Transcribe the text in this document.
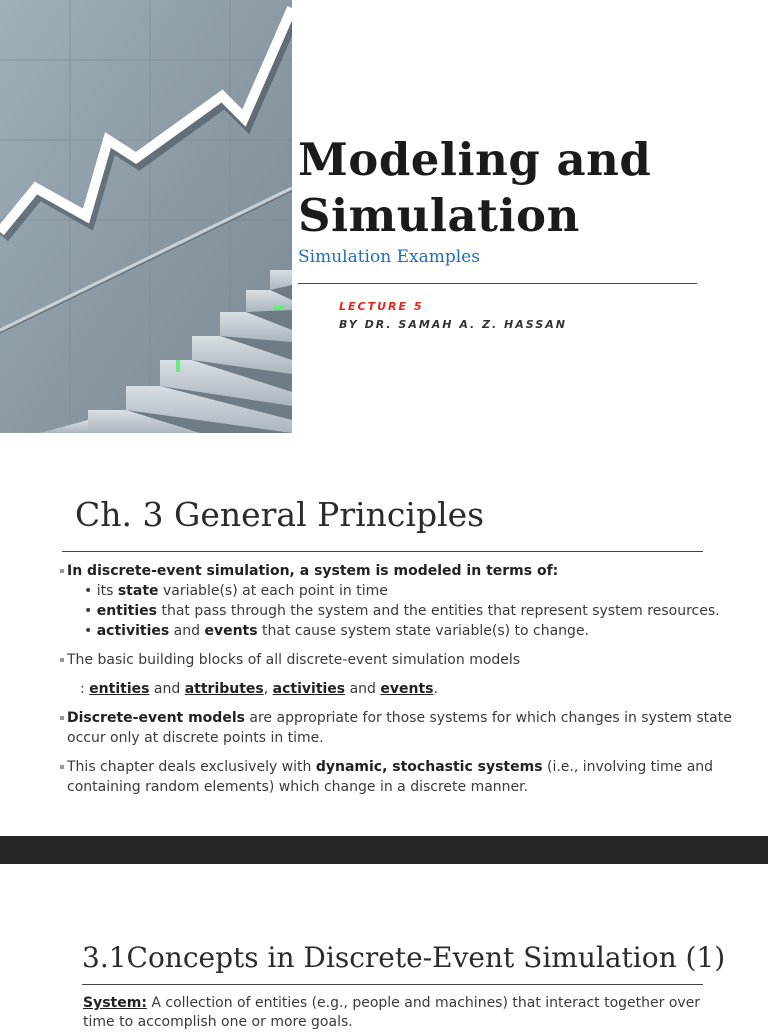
Modeling and
Simulation
Simulation Examples
LECTURE 5
BY DR. SAMAH A. Z. HASSAN
Ch. 3 General Principles
In discrete-event simulation, a system is modeled in terms of:
• its state variable(s) at each point in time
• entities that pass through the system and the entities that represent system resources.
• activities and events that cause system state variable(s) to change.
The basic building blocks of all discrete-event simulation models
: entities and attributes, activities and events.
Discrete-event models are appropriate for those systems for which changes in system state occur only at discrete points in time.
This chapter deals exclusively with dynamic, stochastic systems (i.e., involving time and containing random elements) which change in a discrete manner.
3.1Concepts in Discrete-Event Simulation (1)
System: A collection of entities (e.g., people and machines) that interact together over time to accomplish one or more goals.
